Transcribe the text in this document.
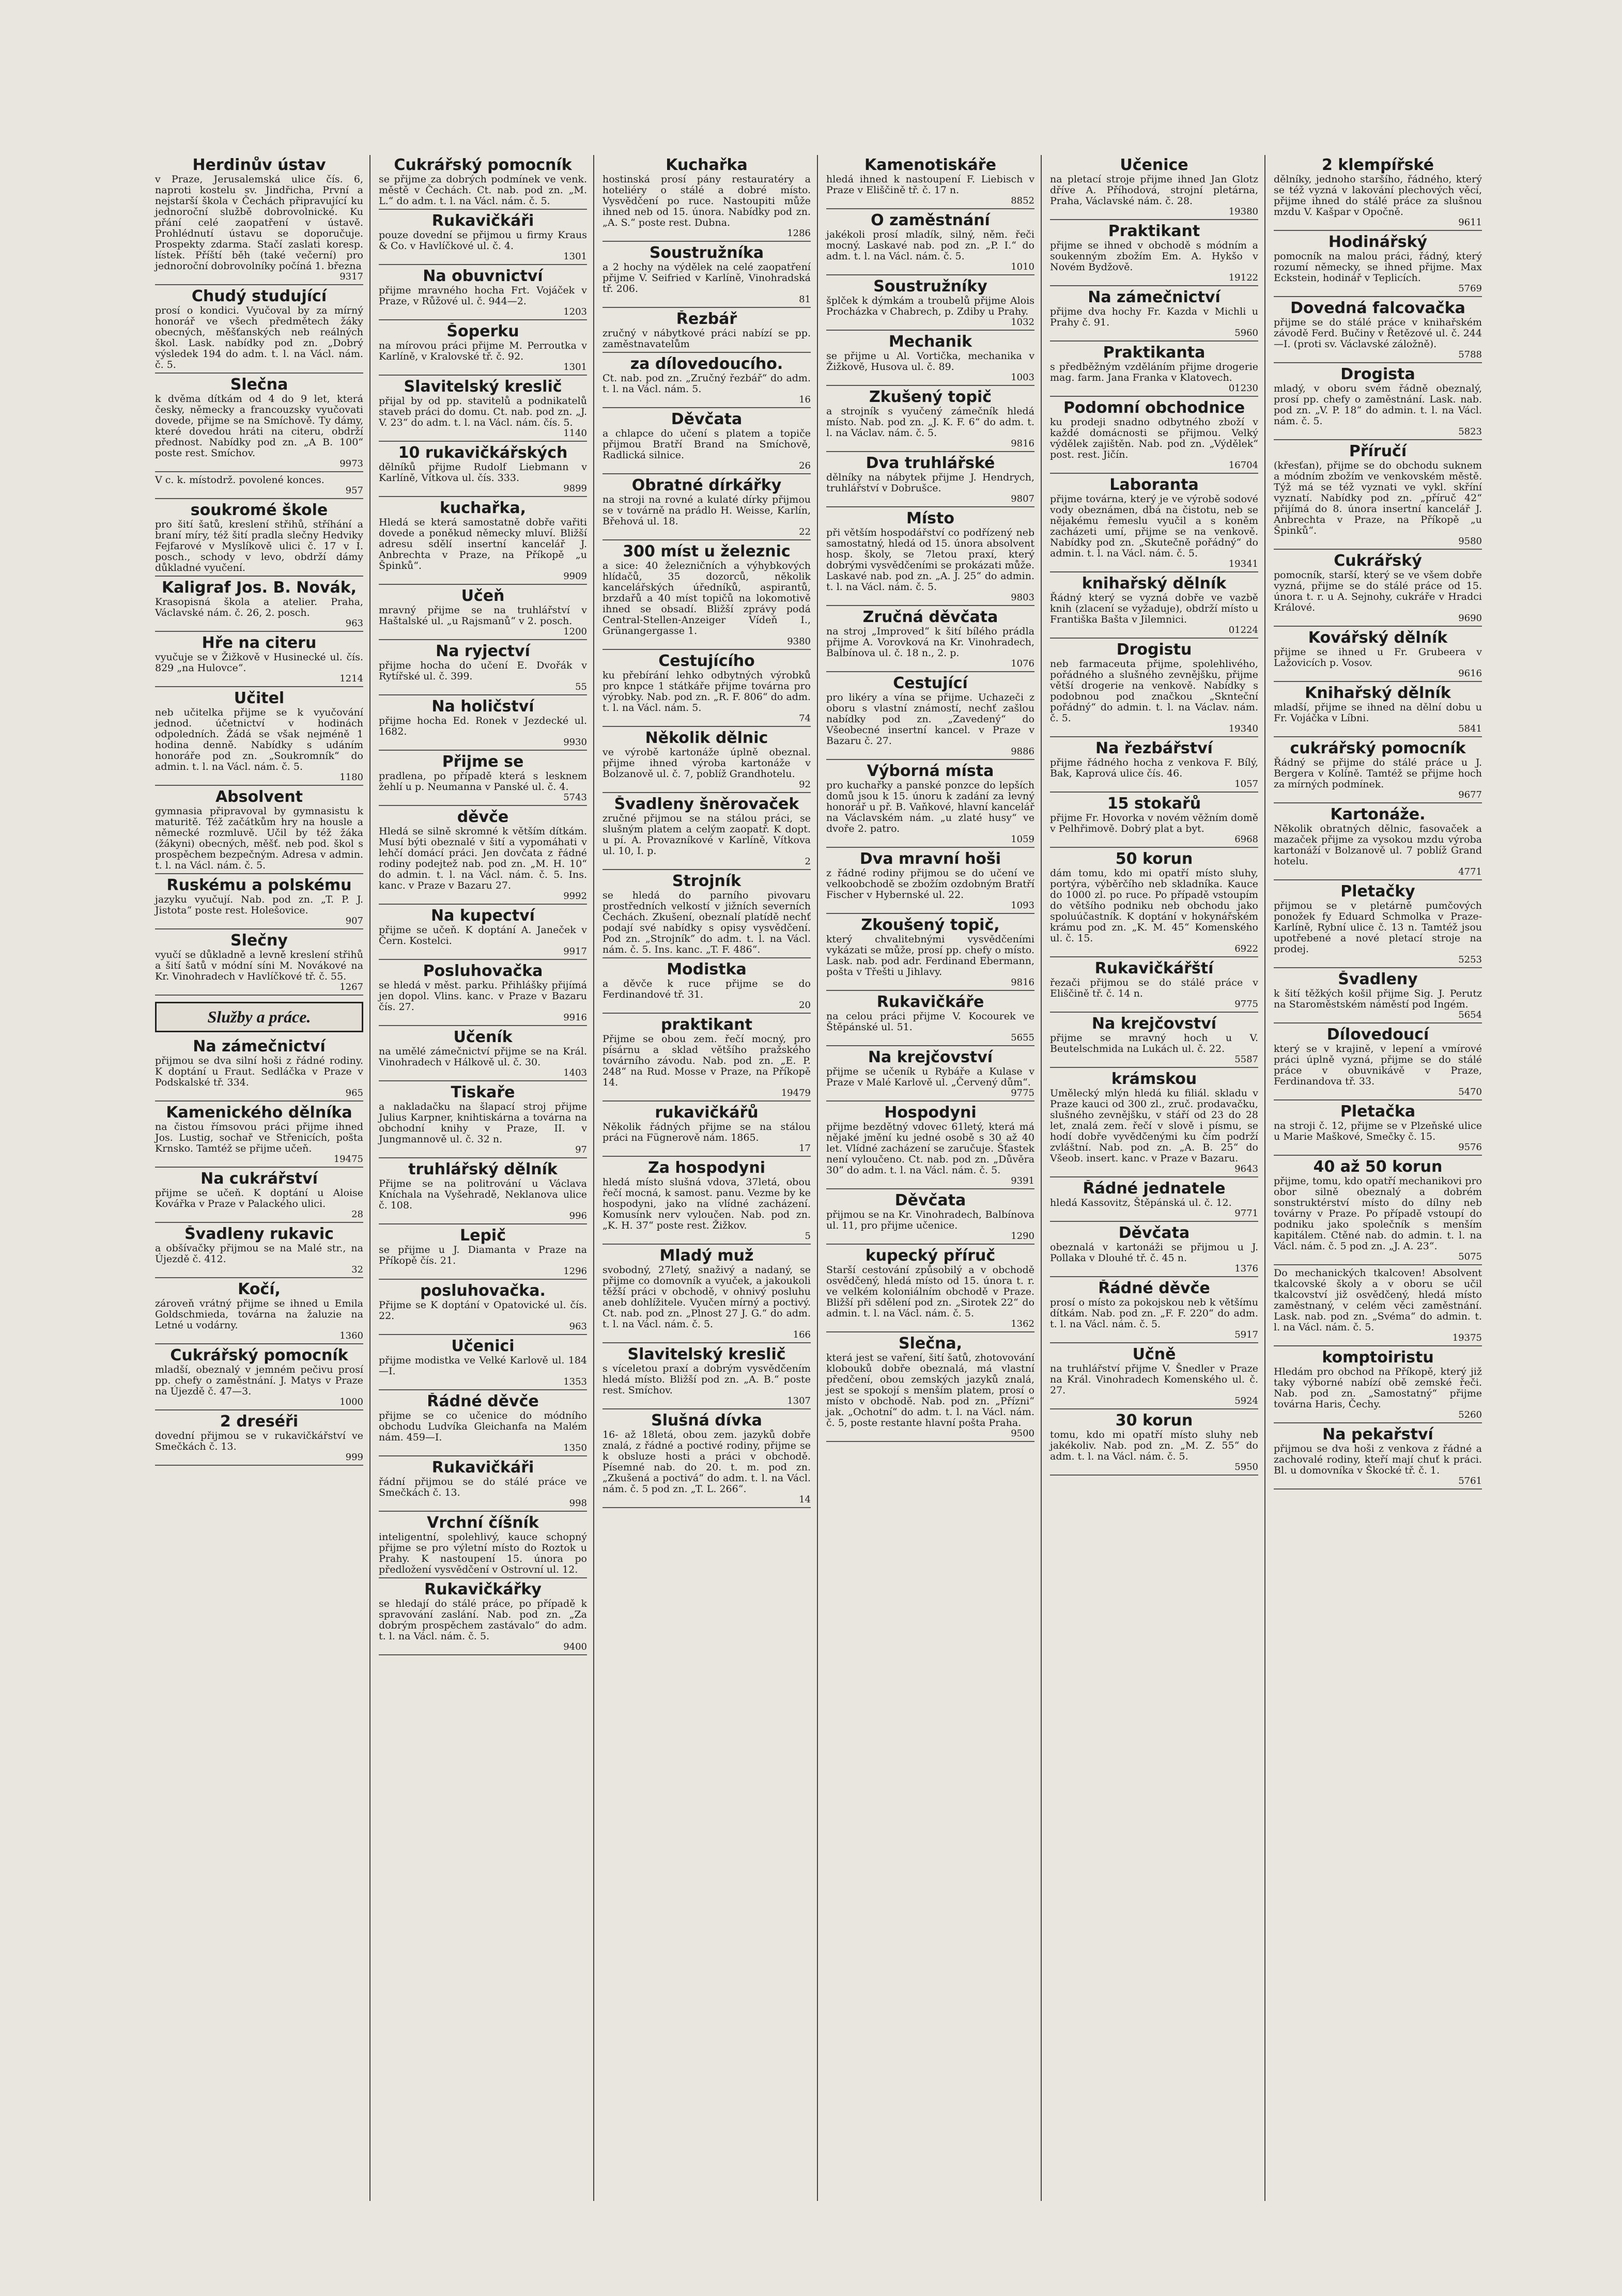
Herdinův ústav
v Praze, Jerusalemská ulice čís. 6, naproti kostelu sv. Jindřicha, První a nejstarší škola v Čechách připravující ku jednoroční službě dobrovolnické. Ku přání celé zaopatření v ústavě. Prohlédnutí ústavu se doporučuje. Prospekty zdarma. Stačí zaslati koresp. lístek. Příští běh (také večerní) pro jednoroční dobrovolníky počíná 1. března
9317
Chudý studující
prosí o kondici. Vyučoval by za mírný honorář ve všech předmětech žáky obecných, měšťanských neb reálných škol. Lask. nabídky pod zn. „Dobrý výsledek 194 do adm. t. l. na Václ. nám. č. 5.
Slečna
k dvěma dítkám od 4 do 9 let, která česky, německy a francouzsky vyučovati dovede, přijme se na Smíchově. Ty dámy, které dovedou hráti na citeru, obdrží přednost. Nabídky pod zn. „A B. 100“ poste rest. Smíchov.
9973
V c. k. místodrž. povolené konces.
957
soukromé škole
pro šití šatů, kreslení střihů, stříhání a braní míry, též šití pradla slečny Hedviky Fejfarové v Myslíkově ulici č. 17 v I. posch., schody v levo, obdrží dámy důkladné vyučení.
Kaligraf Jos. B. Novák,
Krasopisná škola a atelier. Praha, Václavské nám. č. 26, 2. posch.
963
Hře na citeru
vyučuje se v Žižkově v Husinecké ul. čís. 829 „na Hulovce“.
1214
Učitel
neb učitelka přijme se k vyučování jednod. účetnictví v hodinách odpoledních. Žádá se však nejméně 1 hodina denně. Nabídky s udáním honoráře pod zn. „Soukromník“ do admin. t. l. na Václ. nám. č. 5.
1180
Absolvent
gymnasia připravoval by gymnasistu k maturitě. Též začátkům hry na housle a německé rozmluvě. Učil by též žáka (žákyni) obecných, měšť. neb pod. škol s prospěchem bezpečným. Adresa v admin. t. l. na Václ. nám. č. 5.
Ruskému a polskému
jazyku vyučují. Nab. pod zn. „T. P. J. Jistota“ poste rest. Holešovice.
907
Slečny
vyučí se důkladně a levně kreslení střihů a šití šatů v módní síni M. Novákové na Kr. Vinohradech v Havlíčkové tř. č. 55.
1267
Služby a práce.
Na zámečnictví
přijmou se dva silní hoši z řádné rodiny. K doptání u Fraut. Sedláčka v Praze v Podskalské tř. 334.
965
Kamenického dělníka
na čistou římsovou práci přijme ihned Jos. Lustig, sochař ve Střenicích, pošta Krnsko. Tamtéž se přijme učeň.
19475
Na cukrářství
přijme se učeň. K doptání u Aloise Kovářka v Praze v Palackého ulici.
28
Švadleny rukavic
a obšívačky přijmou se na Malé str., na Újezdě č. 412.
32
Kočí,
zároveň vrátný přijme se ihned u Emila Goldschmieda, továrna na žaluzie na Letné u vodárny.
1360
Cukrářský pomocník
mladší, obeznalý v jemném pečivu prosí pp. chefy o zaměstnání. J. Matys v Praze na Újezdě č. 47—3.
1000
2 dreséři
dovední přijmou se v rukavičkářství ve Smečkách č. 13.
999
Cukrářský pomocník
se přijme za dobrých podmínek ve venk. městě v Čechách. Ct. nab. pod zn. „M. L.“ do adm. t. l. na Václ. nám. č. 5.
Rukavičkáři
pouze dovední se přijmou u firmy Kraus & Co. v Havlíčkové ul. č. 4.
1301
Na obuvnictví
přijme mravného hocha Frt. Vojáček v Praze, v Růžové ul. č. 944—2.
1203
Šoperku
na mírovou práci přijme M. Perroutka v Karlíně, v Kralovské tř. č. 92.
1301
Slavitelský kreslič
přijal by od pp. stavitelů a podnikatelů staveb práci do domu. Ct. nab. pod zn. „J. V. 23“ do adm. t. l. na Václ. nám. čís. 5.
1140
10 rukavičkářských
dělníků přijme Rudolf Liebmann v Karlíně, Vítkova ul. čís. 333.
9899
kuchařka,
Hledá se která samostatně dobře vařiti dovede a poněkud německy mluví. Bližší adresu sdělí insertní kancelář J. Anbrechta v Praze, na Příkopě „u Špinků“.
9909
Učeň
mravný přijme se na truhlářství v Haštalské ul. „u Rajsmanů“ v 2. posch.
1200
Na ryjectví
přijme hocha do učení E. Dvořák v Rytířské ul. č. 399.
55
Na holičství
přijme hocha Ed. Ronek v Jezdecké ul. 1682.
9930
Přijme se
pradlena, po případě která s lesknem žehlí u p. Neumanna v Panské ul. č. 4.
5743
děvče
Hledá se silně skromné k větším dítkám. Musí býti obeznalé v šití a vypomáhati v lehčí domácí práci. Jen dovčata z řádné rodiny podejtež nab. pod zn. „M. H. 10“ do admin. t. l. na Václ. nám. č. 5. Ins. kanc. v Praze v Bazaru 27.
9992
Na kupectví
přijme se učeň. K doptání A. Janeček v Čern. Kostelci.
9917
Posluhovačka
se hledá v měst. parku. Přihlášky přijímá jen dopol. Vlins. kanc. v Praze v Bazaru čís. 27.
9916
Učeník
na umělé zámečnictví přijme se na Král. Vinohradech v Hálkově ul. č. 30.
1403
Tiskaře
a nakladačku na šlapací stroj přijme Julius Karpner, knihtiskárna a továrna na obchodní knihy v Praze, II. v Jungmannově ul. č. 32 n.
97
truhlářský dělník
Přijme se na politrování u Václava Kníchala na Vyšehradě, Neklanova ulice č. 108.
996
Lepič
se přijme u J. Diamanta v Praze na Příkopě čís. 21.
1296
posluhovačka.
Přijme se K doptání v Opatovické ul. čís. 22.
963
Učenici
přijme modistka ve Velké Karlově ul. 184—I.
1353
Řádné děvče
přijme se co učenice do módního obchodu Ludvíka Gleichanfa na Malém nám. 459—I.
1350
Rukavičkáři
řádní přijmou se do stálé práce ve Smečkách č. 13.
998
Vrchní číšník
inteligentní, spolehlivý, kauce schopný přijme se pro výletní místo do Roztok u Prahy. K nastoupení 15. února po předložení vysvědčení v Ostrovní ul. 12.
Rukavičkářky
se hledají do stálé práce, po případě k spravování zaslání. Nab. pod zn. „Za dobrým prospěchem zastávalo“ do adm. t. l. na Václ. nám. č. 5.
9400
Kuchařka
hostinská prosí pány restauratéry a hoteliéry o stálé a dobré místo. Vysvědčení po ruce. Nastoupiti může ihned neb od 15. února. Nabídky pod zn. „A. S.“ poste rest. Dubna.
1286
Soustružníka
a 2 hochy na výdělek na celé zaopatření přijme V. Seifried v Karlíně, Vinohradská tř. 206.
81
Řezbář
zručný v nábytkové práci nabízí se pp. zaměstnavatelům
za dílovedoucího.
Ct. nab. pod zn. „Zručný řezbář“ do adm. t. l. na Václ. nám. 5.
16
Děvčata
a chlapce do učení s platem a topiče přijmou Bratří Brand na Smíchově, Radlická silnice.
26
Obratné dírkářky
na stroji na rovné a kulaté dírky přijmou se v továrně na prádlo H. Weisse, Karlín, Břehová ul. 18.
22
300 míst u železnic
a sice: 40 železničních a výhybkových hlídačů, 35 dozorců, několik kancelářských úředníků, aspirantů, brzdařů a 40 míst topičů na lokomotivě ihned se obsadí. Bližší zprávy podá Central-Stellen-Anzeiger Vídeň I., Grünangergasse 1.
9380
Cestujícího
ku přebírání lehko odbytných výrobků pro knpce 1 státkáře přijme továrna pro výrobky. Nab. pod zn. „R. F. 806“ do adm. t. l. na Václ. nám. 5.
74
Několik dělnic
ve výrobě kartonáže úplně obeznal. přijme ihned výroba kartonáže v Bolzanově ul. č. 7, poblíž Grandhotelu.
92
Švadleny šněrovaček
zručné přijmou se na stálou práci, se slušným platem a celým zaopatř. K dopt. u pí. A. Provazníkové v Karlíně, Vítkova ul. 10, I. p.
2
Strojník
se hledá do parního pivovaru prostředních velkostí v jižních severních Čechách. Zkušení, obeznalí platídě nechť podají své nabídky s opisy vysvědčení. Pod zn. „Strojník“ do adm. t. l. na Václ. nám. č. 5. Ins. kanc. „T. F. 486“.
Modistka
a děvče k ruce přijme se do Ferdinandové tř. 31.
20
praktikant
Přijme se obou zem. řečí mocný, pro písárnu a sklad většího pražského továrního závodu. Nab. pod zn. „E. P. 248“ na Rud. Mosse v Praze, na Příkopě 14.
19479
rukavičkářů
Několik řádných přijme se na stálou práci na Fügnerově nám. 1865.
17
Za hospodyni
hledá místo slušná vdova, 37letá, obou řečí mocná, k samost. panu. Vezme by ke hospodyni, jako na vlídné zacházení. Komusínk nerv vyloučen. Nab. pod zn. „K. H. 37“ poste rest. Žižkov.
5
Mladý muž
svobodný, 27letý, snaživý a nadaný, se přijme co domovník a vyuček, a jakoukoli těžší práci v obchodě, v ohnivý posluhu aneb dohlížitele. Vyučen mírný a poctivý. Ct. nab. pod zn. „Plnost 27 J. G.“ do adm. t. l. na Václ. nám. č. 5.
166
Slavitelský kreslič
s víceletou praxí a dobrým vysvědčením hledá místo. Bližší pod zn. „A. B.“ poste rest. Smíchov.
1307
Slušná dívka
16- až 18letá, obou zem. jazyků dobře znalá, z řádné a poctivé rodiny, přijme se k obsluze hosti a práci v obchodě. Písemné nab. do 20. t. m. pod zn. „Zkušená a poctivá“ do adm. t. l. na Václ. nám. č. 5 pod zn. „T. L. 266“.
14
Kamenotiskáře
hledá ihned k nastoupení F. Liebisch v Praze v Eliščině tř. č. 17 n.
8852
O zaměstnání
jakékoli prosí mladík, silný, něm. řeči mocný. Laskavé nab. pod zn. „P. I.“ do adm. t. l. na Václ. nám. č. 5.
1010
Soustružníky
šplček k dýmkám a troubelů přijme Alois Procházka v Chabrech, p. Zdiby u Prahy.
1032
Mechanik
se přijme u Al. Vortička, mechanika v Žižkově, Husova ul. č. 89.
1003
Zkušený topič
a strojník s vyučený zámečník hledá místo. Nab. pod zn. „J. K. F. 6“ do adm. t. l. na Václav. nám. č. 5.
9816
Dva truhlářské
dělníky na nábytek přijme J. Hendrych, truhlářství v Dobrušce.
9807
Místo
při větším hospodářství co podřízený neb samostatný, hledá od 15. února absolvent hosp. školy, se 7letou praxí, který dobrými vysvědčeními se prokázati může. Laskavé nab. pod zn. „A. J. 25“ do admin. t. l. na Václ. nám. č. 5.
9803
Zručná děvčata
na stroj „Improved“ k šití bílého prádla přijme A. Vorovková na Kr. Vinohradech, Balbínova ul. č. 18 n., 2. p.
1076
Cestující
pro likéry a vína se přijme. Uchazeči z oboru s vlastní známostí, nechť zašlou nabídky pod zn. „Zavedený“ do Všeobecné insertní kancel. v Praze v Bazaru č. 27.
9886
Výborná místa
pro kuchařky a panské ponzce do lepších domů jsou k 15. únoru k zadání za levný honorář u př. B. Vaňkové, hlavní kancelář na Václavském nám. „u zlaté husy“ ve dvoře 2. patro.
1059
Dva mravní hoši
z řádné rodiny přijmou se do učení ve velkoobchodě se zbožím ozdobným Bratří Fischer v Hybernské ul. 22.
1093
Zkoušený topič,
který chvalitebnými vysvědčeními vykázati se může, prosí pp. chefy o místo. Lask. nab. pod adr. Ferdinand Ebermann, pošta v Třešti u Jihlavy.
9816
Rukavičkáře
na celou práci přijme V. Kocourek ve Štěpánské ul. 51.
5655
Na krejčovství
přijme se učeník u Rybáře a Kulase v Praze v Malé Karlově ul. „Červený dům“.
9775
Hospodyni
přijme bezdětný vdovec 61letý, která má nějaké jmění ku jedné osobě s 30 až 40 let. Vlídné zacházení se zaručuje. Šťastek není vyloučeno. Ct. nab. pod zn. „Důvěra 30“ do adm. t. l. na Václ. nám. č. 5.
9391
Děvčata
přijmou se na Kr. Vinohradech, Balbínova ul. 11, pro přijme učenice.
1290
kupecký příruč
Starší cestování způsobilý a v obchodě osvědčený, hledá místo od 15. února t. r. ve velkém koloniálním obchodě v Praze. Bližší při sdělení pod zn. „Sirotek 22“ do admin. t. l. na Václ. nám. č. 5.
1362
Slečna,
která jest se vaření, šití šatů, zhotovování klobouků dobře obeznalá, má vlastní předčení, obou zemských jazyků znalá, jest se spokojí s menším platem, prosí o místo v obchodě. Nab. pod zn. „Přízni“ jak. „Ochotní“ do adm. t. l. na Václ. nám. č. 5, poste restante hlavní pošta Praha.
9500
Učenice
na pletací stroje přijme ihned Jan Glotz dříve A. Příhodová, strojní pletárna, Praha, Václavské nám. č. 28.
19380
Praktikant
přijme se ihned v obchodě s módním a soukenným zbožím Em. A. Hykšo v Novém Bydžově.
19122
Na zámečnictví
přijme dva hochy Fr. Kazda v Michli u Prahy č. 91.
5960
Praktikanta
s předběžným vzděláním přijme drogerie mag. farm. Jana Franka v Klatovech.
01230
Podomní obchodnice
ku prodeji snadno odbytného zboží v každé domácnosti se přijmou. Velký výdělek zajištěn. Nab. pod zn. „Výdělek“ post. rest. Jičín.
16704
Laboranta
přijme továrna, který je ve výrobě sodové vody obeznámen, dbá na čistotu, neb se nějakému řemeslu vyučil a s koněm zacházeti umí, přijme se na venkově. Nabídky pod zn. „Skutečně pořádný“ do admin. t. l. na Václ. nám. č. 5.
19341
knihařský dělník
Řádný který se vyzná dobře ve vazbě knih (zlacení se vyžaduje), obdrží místo u Františka Bašta v Jilemnici.
01224
Drogistu
neb farmaceuta přijme, spolehlivého, pořádného a slušného zevnějšku, přijme větší drogerie na venkově. Nabídky s podobnou pod značkou „Sknteční pořádný“ do admin. t. l. na Václav. nám. č. 5.
19340
Na řezbářství
přijme řádného hocha z venkova F. Bílý, Bak, Kaprová ulice čís. 46.
1057
15 stokařů
přijme Fr. Hovorka v novém věžním domě v Pelhřimově. Dobrý plat a byt.
6968
50 korun
dám tomu, kdo mi opatří místo sluhy, portýra, výběrčího neb skladníka. Kauce do 1000 zl. po ruce. Po případě vstoupím do většího podniku neb obchodu jako spoluúčastník. K doptání v hokynářském krámu pod zn. „K. M. 45“ Komenského ul. č. 15.
6922
Rukavičkářští
řezači přijmou se do stálé práce v Eliščině tř. č. 14 n.
9775
Na krejčovství
přijme se mravný hoch u V. Beutelschmida na Lukách ul. č. 22.
5587
krámskou
Umělecký mlýn hledá ku filiál. skladu v Praze kauci od 300 zl., zruč. prodavačku, slušného zevnějšku, v stáří od 23 do 28 let, znalá zem. řečí v slově i písmu, se hodí dobře vyvědčenými ku čím podrží zvláštní. Nab. pod zn. „A. B. 25“ do Všeob. insert. kanc. v Praze v Bazaru.
9643
Řádné jednatele
hledá Kassovitz, Štěpánská ul. č. 12.
9771
Děvčata
obeznalá v kartonáži se přijmou u J. Pollaka v Dlouhé tř. č. 45 n.
1376
Řádné děvče
prosí o místo za pokojskou neb k většímu dítkám. Nab. pod zn. „F. F. 220“ do adm. t. l. na Václ. nám. č. 5.
5917
Učně
na truhlářství přijme V. Šnedler v Praze na Král. Vinohradech Komenského ul. č. 27.
5924
30 korun
tomu, kdo mi opatří místo sluhy neb jakékoliv. Nab. pod zn. „M. Z. 55“ do adm. t. l. na Václ. nám. č. 5.
5950
2 klempířské
dělníky, jednoho staršího, řádného, který se též vyzná v lakování plechových věcí, přijme ihned do stálé práce za slušnou mzdu V. Kašpar v Opočně.
9611
Hodinářský
pomocník na malou práci, řádný, který rozumí německy, se ihned přijme. Max Eckstein, hodinář v Teplicích.
5769
Dovedná falcovačka
přijme se do stálé práce v knihařském závodě Ferd. Bučiny v Řetězové ul. č. 244—I. (proti sv. Václavské záložně).
5788
Drogista
mladý, v oboru svém řádně obeznalý, prosí pp. chefy o zaměstnání. Lask. nab. pod zn. „V. P. 18“ do admin. t. l. na Václ. nám. č. 5.
5823
Příručí
(křesťan), přijme se do obchodu suknem a módním zbožím ve venkovském městě. Týž má se též vyznati ve vykl. skříní vyznatí. Nabídky pod zn. „příruč 42“ přijímá do 8. února insertní kancelář J. Anbrechta v Praze, na Příkopě „u Špinků“.
9580
Cukrářský
pomocník, starší, který se ve všem dobře vyzná, přijme se do stálé práce od 15. února t. r. u A. Sejnohy, cukráře v Hradci Králové.
9690
Kovářský dělník
přijme se ihned u Fr. Grubeera v Lažovicích p. Vosov.
9616
Knihařský dělník
mladší, přijme se ihned na dělní dobu u Fr. Vojáčka v Líbni.
5841
cukrářský pomocník
Řádný se přijme do stálé práce u J. Bergera v Kolíně. Tamtéž se přijme hoch za mírných podmínek.
9677
Kartonáže.
Několik obratných dělnic, fasovaček a mazaček přijme za vysokou mzdu výroba kartonáží v Bolzanově ul. 7 poblíž Grand hotelu.
4771
Pletačky
přijmou se v pletárně pumčových ponožek fy Eduard Schmolka v Praze-Karlíně, Rybní ulice č. 13 n. Tamtéž jsou upotřebené a nové pletací stroje na prodej.
5253
Švadleny
k šití těžkých košil přijme Sig. J. Perutz na Staroměstském náměstí pod Ingém.
5654
Dílovedoucí
který se v krajině, v lepení a vmírové práci úplně vyzná, přijme se do stálé práce v obuvnikávě v Praze, Ferdinandova tř. 33.
5470
Pletačka
na stroji č. 12, přijme se v Plzeňské ulice u Marie Maškové, Smečky č. 15.
9576
40 až 50 korun
přijme, tomu, kdo opatří mechanikovi pro obor silně obeznalý a dobrém sonstruktérství místo do dílny neb továrny v Praze. Po případě vstoupí do podniku jako společník s menším kapitálem. Ctěné nab. do admin. t. l. na Václ. nám. č. 5 pod zn. „J. A. 23“.
5075
Do mechanických tkalcoven! Absolvent tkalcovské školy a v oboru se učil tkalcovství již osvědčený, hledá místo zaměstnaný, v celém věci zaměstnání. Lask. nab. pod zn. „Svéma“ do admin. t. l. na Václ. nám. č. 5.
19375
komptoiristu
Hledám pro obchod na Příkopě, který již taky výborné nabízí obě zemské řeči. Nab. pod zn. „Samostatný“ přijme továrna Haris, Čechy.
5260
Na pekařství
přijmou se dva hoši z venkova z řádné a zachovalé rodiny, kteří mají chuť k práci. Bl. u domovníka v Škocké tř. č. 1.
5761
